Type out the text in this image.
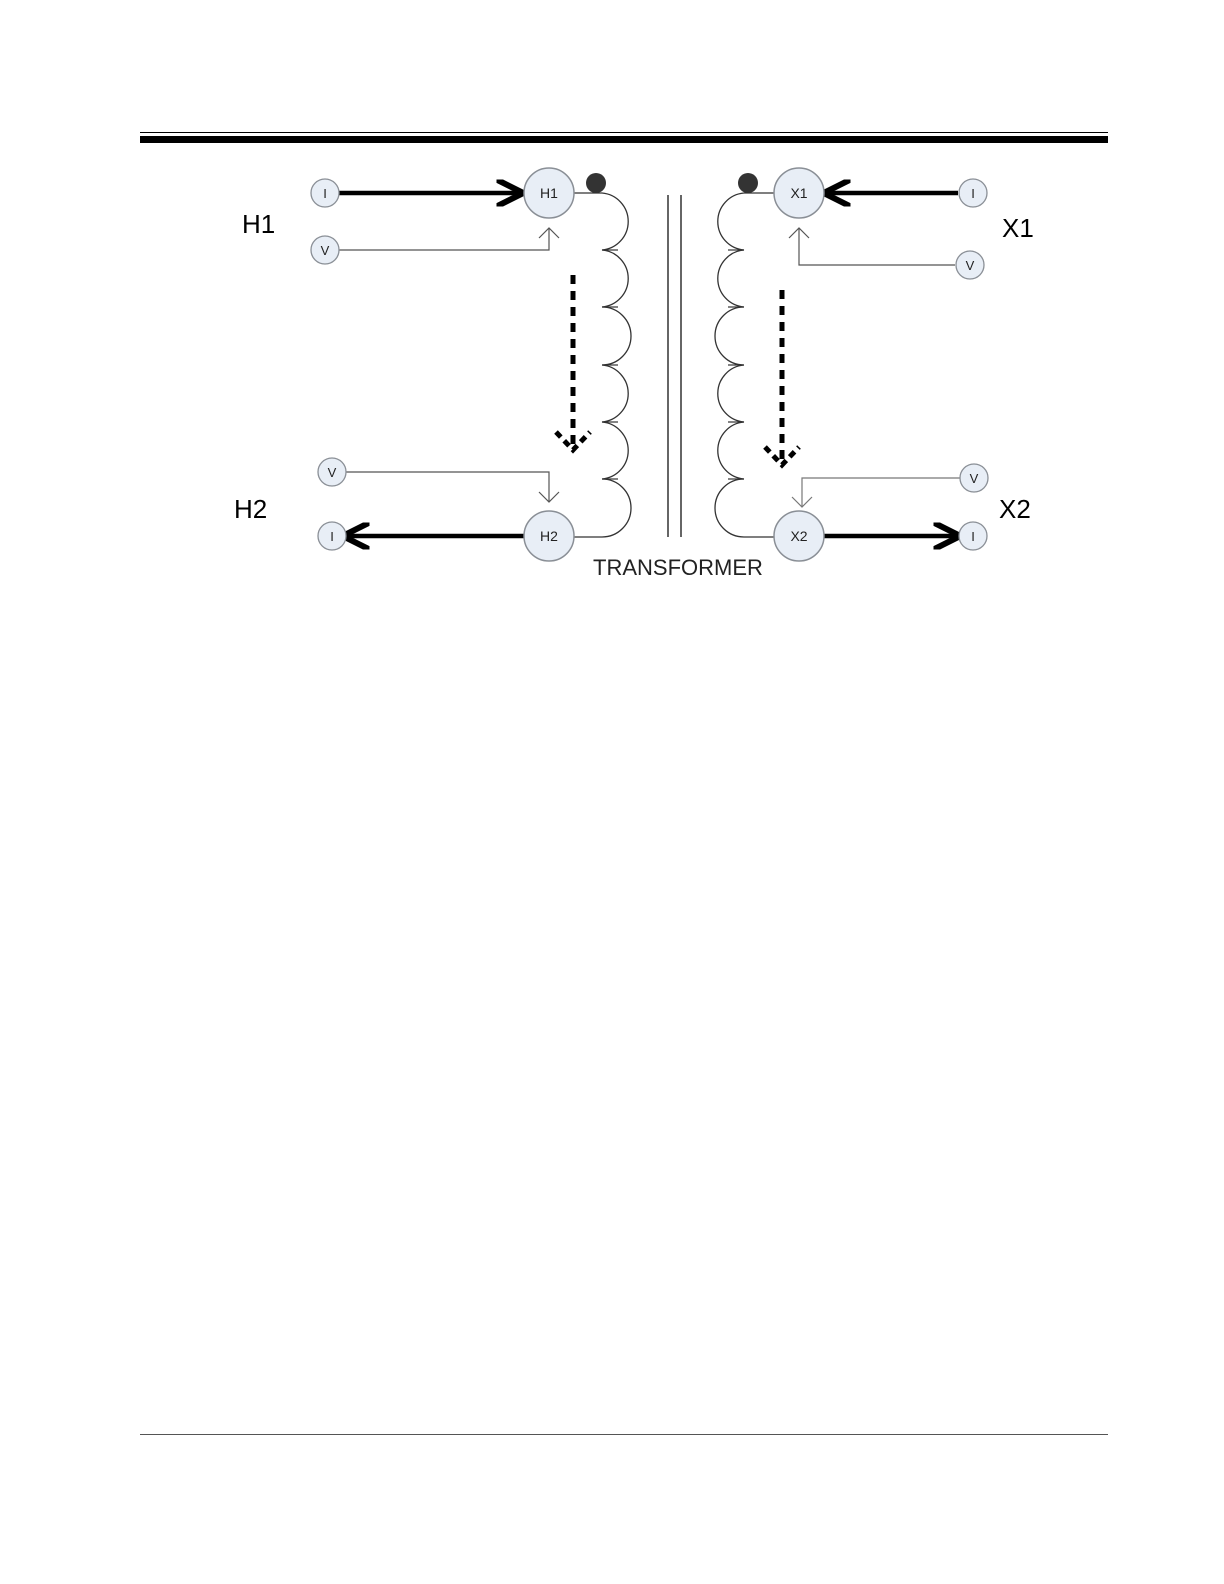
H1	X1
H2	X2
I
V
I
V
V
I
V
I
H1	X1
H2	X2
TRANSFORMER
